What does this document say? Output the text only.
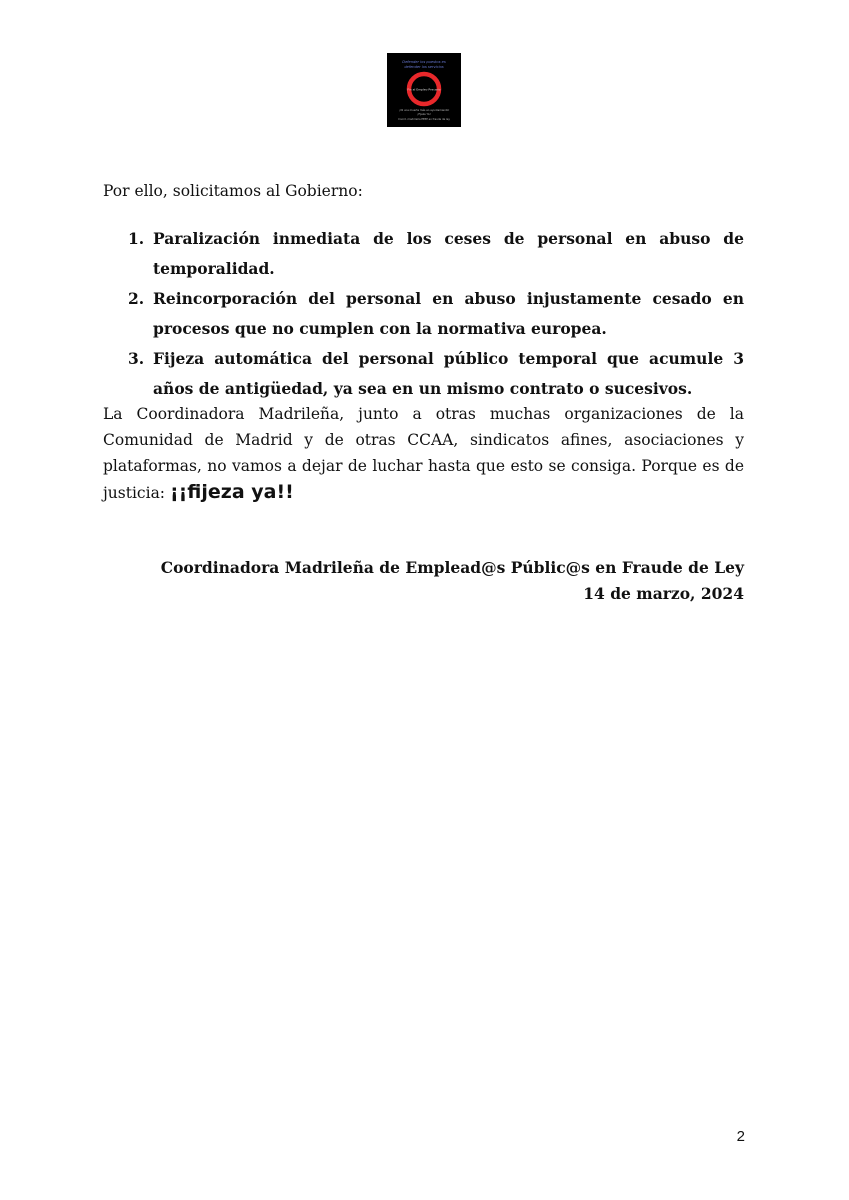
Defender los puestos es
defender los servicios
Fin al Empleo Precario
¡ Ni una muerte más en ayuntamiento!
¡Fijeza YA!
Coord. madrileña EEPP en fraude de ley

Por ello, solicitamos al Gobierno:

1. Paralización inmediata de los ceses de personal en abuso de temporalidad.
2. Reincorporación del personal en abuso injustamente cesado en procesos que no cumplen con la normativa europea.
3. Fijeza automática del personal público temporal que acumule 3 años de antigüedad, ya sea en un mismo contrato o sucesivos.

La Coordinadora Madrileña, junto a otras muchas organizaciones de la Comunidad de Madrid y de otras CCAA, sindicatos afines, asociaciones y plataformas, no vamos a dejar de luchar hasta que esto se consiga. Porque es de justicia: ¡¡fijeza ya!!

Coordinadora Madrileña de Emplead@s Públic@s en Fraude de Ley
14 de marzo, 2024
2
